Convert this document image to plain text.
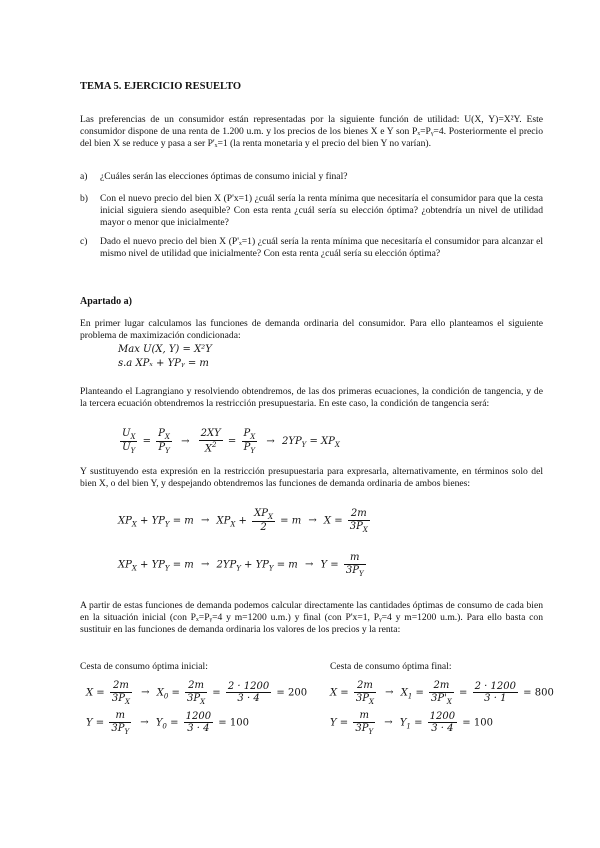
TEMA 5. EJERCICIO RESUELTO
Las preferencias de un consumidor están representadas por la siguiente función de utilidad: U(X, Y)=X²Y. Este consumidor dispone de una renta de 1.200 u.m. y los precios de los bienes X e Y son Pₓ=Pᵧ=4. Posteriormente el precio del bien X se reduce y pasa a ser P'ₓ=1 (la renta monetaria y el precio del bien Y no varían).
a)	¿Cuáles serán las elecciones óptimas de consumo inicial y final?
b)	Con el nuevo precio del bien X (P'x=1) ¿cuál sería la renta mínima que necesitaría el consumidor para que la cesta inicial siguiera siendo asequible? Con esta renta ¿cuál sería su elección óptima? ¿obtendría un nivel de utilidad mayor o menor que inicialmente?
c)	Dado el nuevo precio del bien X (P'ₓ=1) ¿cuál sería la renta mínima que necesitaría el consumidor para alcanzar el mismo nivel de utilidad que inicialmente? Con esta renta ¿cuál sería su elección óptima?
Apartado a)
En primer lugar calculamos las funciones de demanda ordinaria del consumidor. Para ello planteamos el siguiente problema de maximización condicionada:
Max U(X, Y) = X²Y
s.a XPₓ + YPᵧ = m
Planteando el Lagrangiano y resolviendo obtendremos, de las dos primeras ecuaciones, la condición de tangencia, y de la tercera ecuación obtendremos la restricción presupuestaria. En este caso, la condición de tangencia será:
$\frac{U_X}{U_Y} = \frac{P_X}{P_Y} \to \frac{2XY}{X^2} = \frac{P_X}{P_Y} \to 2YP_Y = XP_X$
Y sustituyendo esta expresión en la restricción presupuestaria para expresarla, alternativamente, en términos solo del bien X, o del bien Y, y despejando obtendremos las funciones de demanda ordinaria de ambos bienes:
$XP_X + YP_Y = m \to XP_X + \frac{XP_X}{2} = m \to X = \frac{2m}{3P_X}$
$XP_X + YP_Y = m \to 2YP_Y + YP_Y = m \to Y = \frac{m}{3P_Y}$
A partir de estas funciones de demanda podemos calcular directamente las cantidades óptimas de consumo de cada bien en la situación inicial (con Pₓ=Pᵧ=4 y m=1200 u.m.) y final (con P'x=1, Pᵧ=4 y m=1200 u.m.). Para ello basta con sustituir en las funciones de demanda ordinaria los valores de los precios y la renta:
Cesta de consumo óptima inicial:	Cesta de consumo óptima final:
$X = \frac{2m}{3P_X} \to X_0 = \frac{2m}{3P_X} = \frac{2 \cdot 1200}{3 \cdot 4} = 200$
$Y = \frac{m}{3P_Y} \to Y_0 = \frac{1200}{3 \cdot 4} = 100$
$X = \frac{2m}{3P_X} \to X_1 = \frac{2m}{3P'_X} = \frac{2 \cdot 1200}{3 \cdot 1} = 800$
$Y = \frac{m}{3P_Y} \to Y_1 = \frac{1200}{3 \cdot 4} = 100$
